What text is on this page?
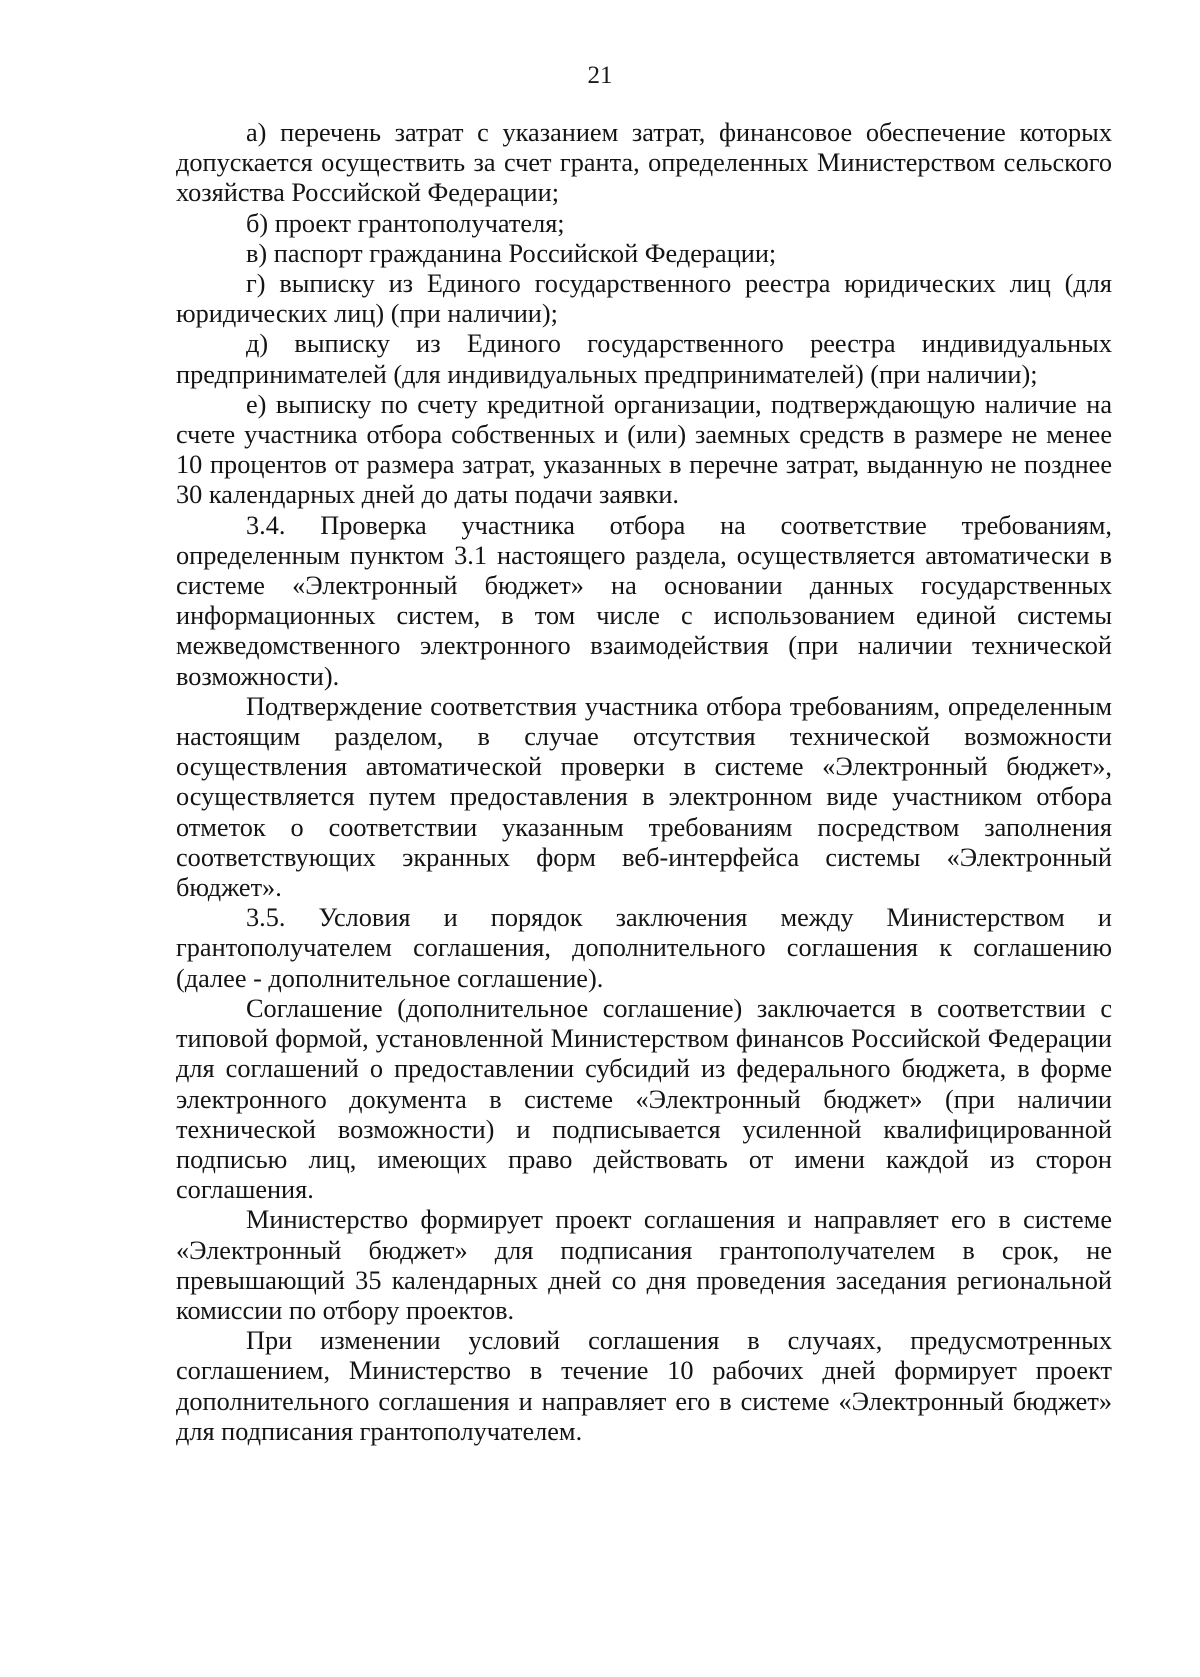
21

а) перечень затрат с указанием затрат, финансовое обеспечение которых допускается осуществить за счет гранта, определенных Министерством сельского хозяйства Российской Федерации;

б) проект грантополучателя;

в) паспорт гражданина Российской Федерации;

г) выписку из Единого государственного реестра юридических лиц (для юридических лиц) (при наличии);

д) выписку из Единого государственного реестра индивидуальных предпринимателей (для индивидуальных предпринимателей) (при наличии);

е) выписку по счету кредитной организации, подтверждающую наличие на счете участника отбора собственных и (или) заемных средств в размере не менее 10 процентов от размера затрат, указанных в перечне затрат, выданную не позднее 30 календарных дней до даты подачи заявки.

3.4. Проверка участника отбора на соответствие требованиям, определенным пунктом 3.1 настоящего раздела, осуществляется автоматически в системе «Электронный бюджет» на основании данных государственных информационных систем, в том числе с использованием единой системы межведомственного электронного взаимодействия (при наличии технической возможности).

Подтверждение соответствия участника отбора требованиям, определенным настоящим разделом, в случае отсутствия технической возможности осуществления автоматической проверки в системе «Электронный бюджет», осуществляется путем предоставления в электронном виде участником отбора отметок о соответствии указанным требованиям посредством заполнения соответствующих экранных форм веб-интерфейса системы «Электронный бюджет».

3.5. Условия и порядок заключения между Министерством и грантополучателем соглашения, дополнительного соглашения к соглашению (далее - дополнительное соглашение).

Соглашение (дополнительное соглашение) заключается в соответствии с типовой формой, установленной Министерством финансов Российской Федерации для соглашений о предоставлении субсидий из федерального бюджета, в форме электронного документа в системе «Электронный бюджет» (при наличии технической возможности) и подписывается усиленной квалифицированной подписью лиц, имеющих право действовать от имени каждой из сторон соглашения.

Министерство формирует проект соглашения и направляет его в системе «Электронный бюджет» для подписания грантополучателем в срок, не превышающий 35 календарных дней со дня проведения заседания региональной комиссии по отбору проектов.

При изменении условий соглашения в случаях, предусмотренных соглашением, Министерство в течение 10 рабочих дней формирует проект дополнительного соглашения и направляет его в системе «Электронный бюджет» для подписания грантополучателем.
